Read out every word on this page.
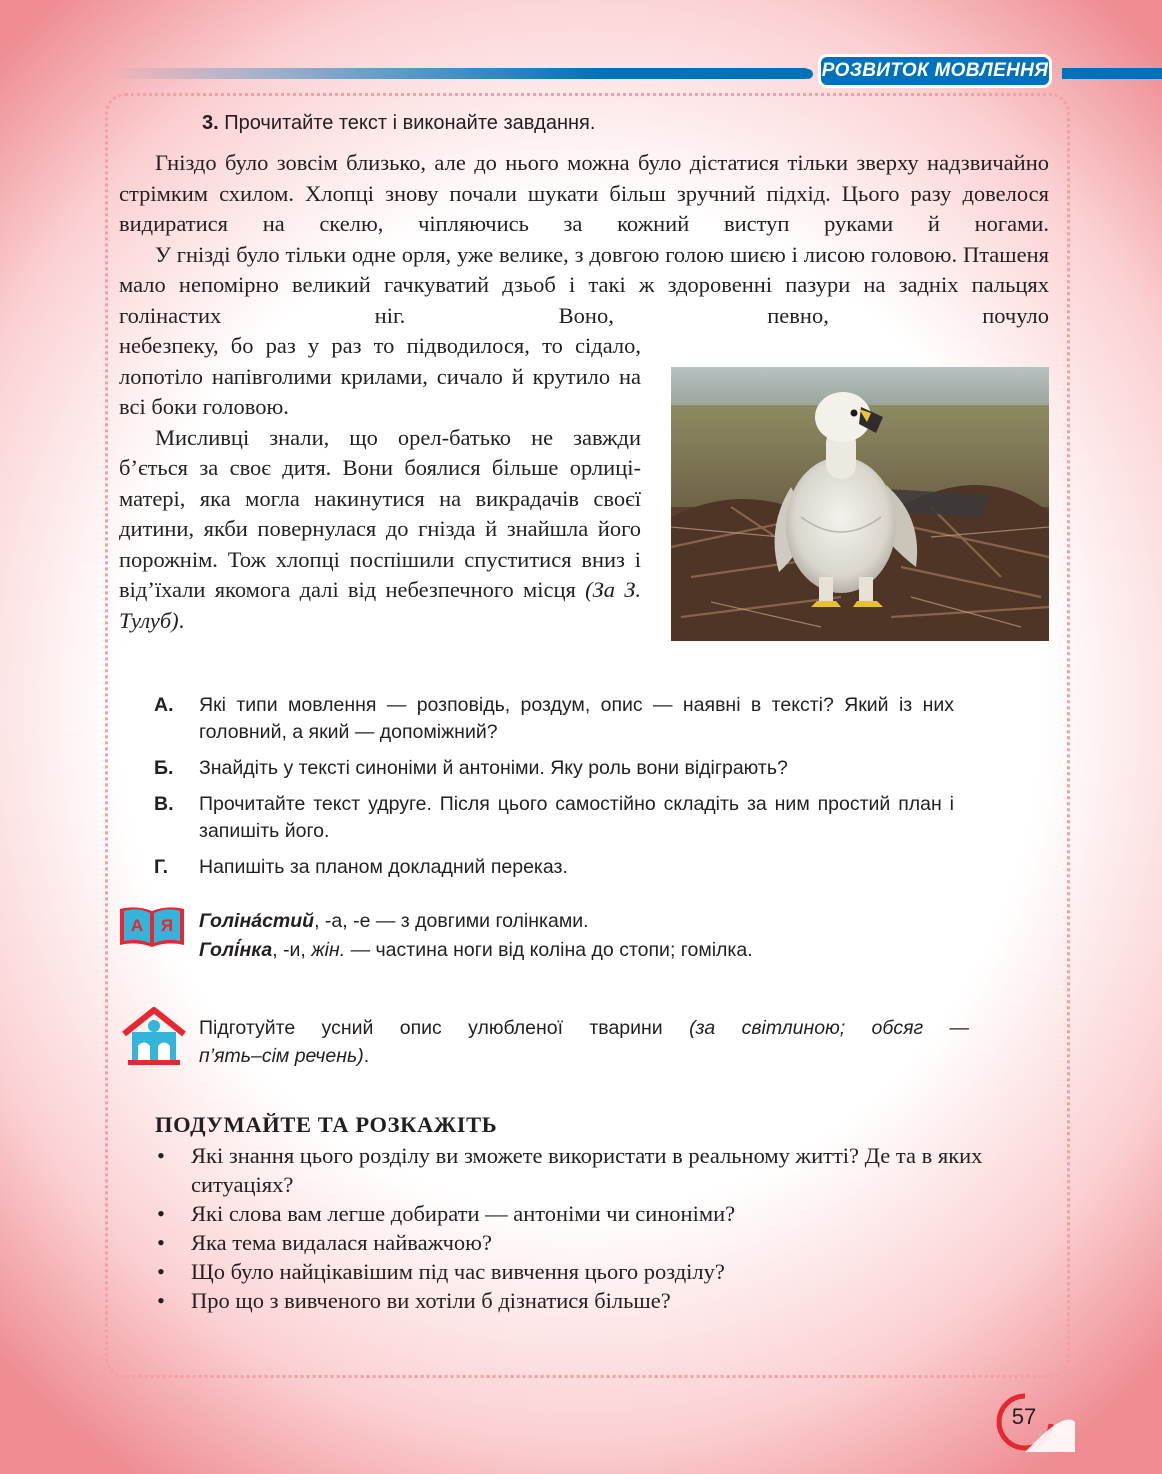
РОЗВИТОК МОВЛЕННЯ
3. Прочитайте текст і виконайте завдання.

Гніздо було зовсім близько, але до нього можна було дістатися тільки зверху надзвичайно стрімким схилом. Хлопці знову почали шукати більш зручний підхід. Цього разу довелося видиратися на скелю, чіпляючись за кожний виступ руками й ногами.

У гнізді було тільки одне орля, уже велике, з довгою голою шиєю і лисою головою. Пташеня мало непомірно великий гачкуватий дзьоб і такі ж здоровенні пазури на задніх пальцях голінастих ніг. Воно, певно, почуло

небезпеку, бо раз у раз то підводилося, то сідало, лопотіло напівголими крилами, сичало й крутило на всі боки головою.

Мисливці знали, що орел-батько не завжди б’ється за своє дитя. Вони боялися більше орлиці-матері, яка могла накинутися на викрадачів своєї дитини, якби повернулася до гнізда й знайшла його порожнім. Тож хлопці поспішили спуститися вниз і від’їхали якомога далі від небезпечного місця (За З. Тулуб).

А. Які типи мовлення — розповідь, роздум, опис — наявні в тексті? Який із них головний, а який — допоміжний?
Б. Знайдіть у тексті синоніми й антоніми. Яку роль вони відіграють?
В. Прочитайте текст удруге. Після цього самостійно складіть за ним простий план і запишіть його.
Г. Напишіть за планом докладний переказ.
А Я Голіна́стий, -а, -е — з довгими голінками.
Голі́нка, -и, жін. — частина ноги від коліна до стопи; гомілка.
Підготуйте усний опис улюбленої тварини (за світлиною; обсяг —
п’ять–сім речень).
ПОДУМАЙТЕ ТА РОЗКАЖІТЬ
• Які знання цього розділу ви зможете використати в реальному житті? Де та в яких ситуаціях?
• Які слова вам легше добирати — антоніми чи синоніми?
• Яка тема видалася найважчою?
• Що було найцікавішим під час вивчення цього розділу?
• Про що з вивченого ви хотіли б дізнатися більше?
57
